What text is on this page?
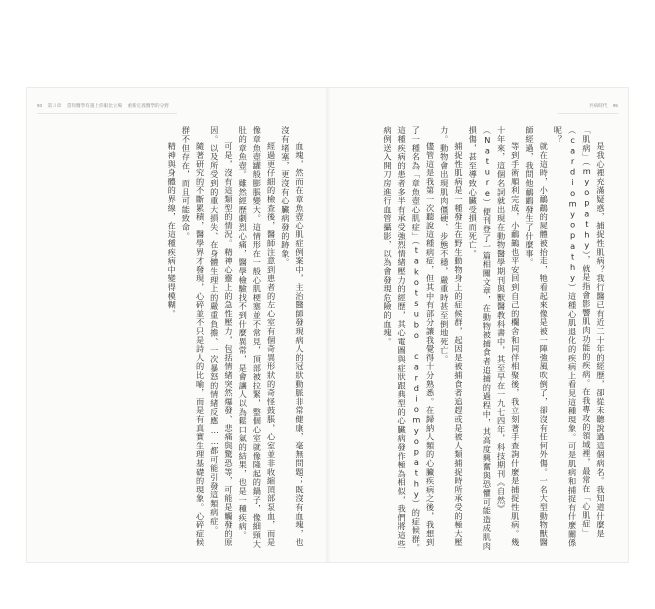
93 第３章 當你醫學有遇上你眼比立場 重新定義醫學的分野

血塊，然而在章魚壺心肌症例案中，主治醫師發現病人的冠狀動脈非常健康，毫無問題；既沒有血塊，也沒有堵塞，更沒有心臟病發的跡象。

經過更仔細的檢查後，醫師注意到患者的左心室有個奇異形狀的奇怪鼓脹，心室並非收縮頂部泵血，而是像章魚壺罐般膨脹變大。這情形在一般心肌梗塞並不常見，頂部被拉緊，整個心室就像隆起的鍋子，像細頸大肚的章魚壺。雖然經歷劇烈心痛，醫學檢驗找不到什麼異常，是會讓人以為鬆口氣的結果，也是一種疾病。

可是，沒有這類型的情況。精神心靈上的急性壓力，包括情緒突然爆發、悲痛與驚恐等，可能是觸發的原因。以及所受到的重大損失、在身體生理上的嚴重負擔、一次暴怒的情緒反應……都可能引發這類病症。

隨著研究的不斷累積，醫學界才發現，心碎並不只是詩人的比喻，而是有真實生理基礎的現象。心碎症候群不但存在，而且可能致命。

精神與身體的界線，在這種疾病中變得模糊。

共病時代 95

是我心裡充滿疑惑，捕捉性肌病？我行醫已有近二十年的經歷，卻從未聽說過這個病名。我知道什麼是「肌病」（myopathy），就是指會影響肌肉功能的疾病。在我專攻的領域裡，最常在「心肌症」（cardiomyopathy）這種心肌退化的疾病上看見這種現象。可是肌病和捕捉有什麼關係呢？

就在這時，小鴯鶓的屍體被抬走，牠看起來像是被一陣強風吹倒了，卻沒有任何外傷。一名大型動物獸醫師經過，我問他鴯鶓發生了什麼事。

等到手術順利完成，小鴯鶓也平安回到自己的欄舍和同伴相聚後，我立刻著手查詢什麼是捕捉性肌病。幾十年來，這個名詞就出現在動物醫學期刊與獸醫教科書中，其至早在一九七四年，科技期刊《自然》（Nature）便刊登了一篇相關文章，在動物被捕食者追捕的過程中，其高度興奮與恐懼可能造成肌肉損傷，甚至導致心臟受損而死亡。

捕捉性肌病是一種發生在野生動物身上的症候群，起因是被捕食者追趕或是被人類捕捉時所承受的極大壓力。動物會出現肌肉僵硬、步態不穩，嚴重時甚至倒地死亡。

儘管這是我第一次聽說這種病症，但其中有部分讓我覺得十分熟悉。在歸納人類的心臟疾病之後，我想到了一種名為「章魚壺心肌症」（takotsubo cardiomyopathy）的症候群。這種疾病的患者多半有承受強烈情緒壓力的經歷，其心電圖與症狀跟典型的心臟病發作極為相似，我們將這些病例送入開刀房進行血管攝影，以為會發現危險的血塊。
